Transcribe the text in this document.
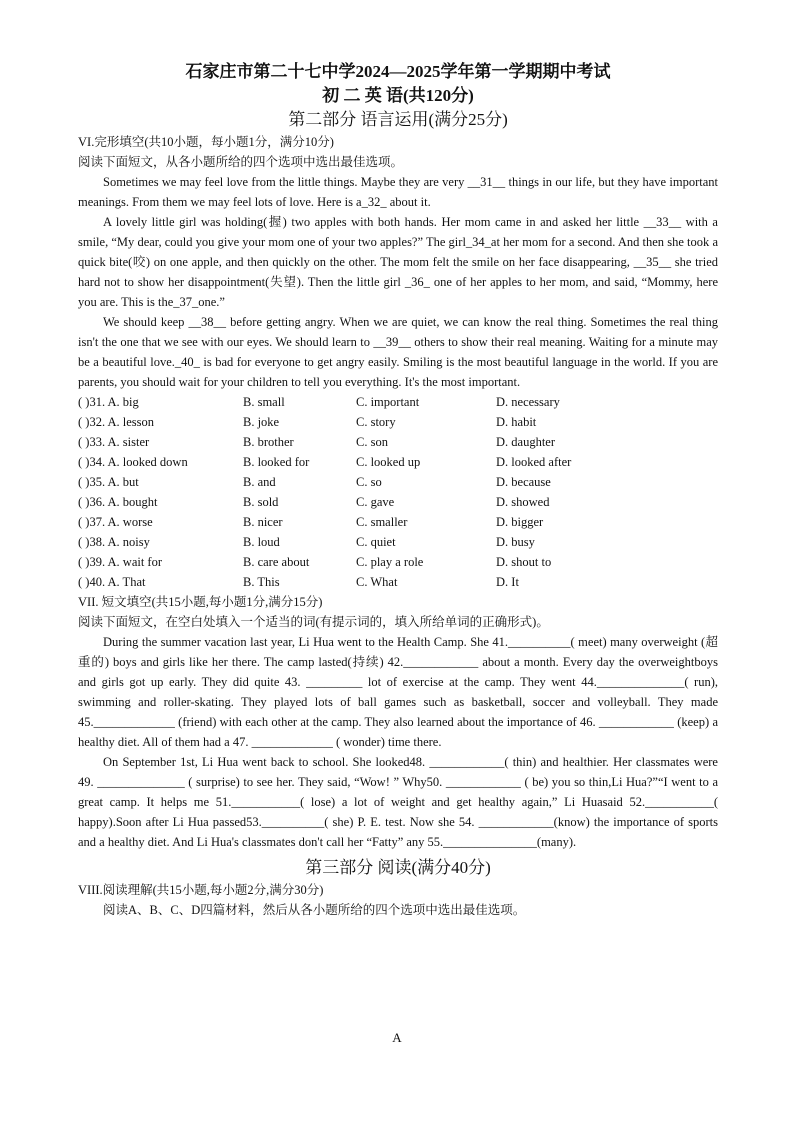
石家庄市第二十七中学2024—2025学年第一学期期中考试

初 二 英 语(共120分)

第二部分 语言运用(满分25分)

VI.完形填空(共10小题，每小题1分，满分10分)

阅读下面短文，从各小题所给的四个选项中选出最佳选项。

Sometimes we may feel love from the little things. Maybe they are very __31__ things in our life, but they have important meanings. From them we may feel lots of love. Here is a_32_ about it.

A lovely little girl was holding(握) two apples with both hands. Her mom came in and asked her little __33__ with a smile, “My dear, could you give your mom one of your two apples?” The girl_34_at her mom for a second. And then she took a quick bite(咬) on one apple, and then quickly on the other. The mom felt the smile on her face disappearing, __35__ she tried hard not to show her disappointment(失望). Then the little girl _36_ one of her apples to her mom, and said, “Mommy, here you are. This is the_37_one.”

We should keep __38__ before getting angry. When we are quiet, we can know the real thing. Sometimes the real thing isn't the one that we see with our eyes. We should learn to __39__ others to show their real meaning. Waiting for a minute may be a beautiful love._40_ is bad for everyone to get angry easily. Smiling is the most beautiful language in the world. If you are parents, you should wait for your children to tell you everything. It's the most important.

( )31. A. big	B. small	C. important	D. necessary
( )32. A. lesson	B. joke	C. story	D. habit
( )33. A. sister	B. brother	C. son	D. daughter
( )34. A. looked down	B. looked for	C. looked up	D. looked after
( )35. A. but	B. and	C. so	D. because
( )36. A. bought	B. sold	C. gave	D. showed
( )37. A. worse	B. nicer	C. smaller	D. bigger
( )38. A. noisy	B. loud	C. quiet	D. busy
( )39. A. wait for	B. care about	C. play a role	D. shout to
( )40. A. That	B. This	C. What	D. It

VII. 短文填空(共15小题,每小题1分,满分15分)

阅读下面短文，在空白处填入一个适当的词(有提示词的，填入所给单词的正确形式)。

During the summer vacation last year, Li Hua went to the Health Camp. She 41.__________( meet) many overweight (超重的) boys and girls like her there. The camp lasted(持续) 42.____________ about a month. Every day the overweightboys and girls got up early. They did quite 43. _________ lot of exercise at the camp. They went 44.______________( run), swimming and roller-skating. They played lots of ball games such as basketball, soccer and volleyball. They made 45._____________ (friend) with each other at the camp. They also learned about the importance of 46. ____________ (keep) a healthy diet. All of them had a 47. _____________ ( wonder) time there.

On September 1st, Li Hua went back to school. She looked48. ____________( thin) and healthier. Her classmates were 49. ______________ ( surprise) to see her. They said, “Wow! ” Why50. ____________ ( be) you so thin,Li Hua?”“I went to a great camp. It helps me 51.___________( lose) a lot of weight and get healthy again,” Li Huasaid 52.___________( happy).Soon after Li Hua passed53.__________( she) P. E. test. Now she 54. ____________(know) the importance of sports and a healthy diet. And Li Hua's classmates don't call her “Fatty” any 55._______________(many).

第三部分 阅读(满分40分)

VIII.阅读理解(共15小题,每小题2分,满分30分)

阅读A、B、C、D四篇材料，然后从各小题所给的四个选项中选出最佳选项。

A
